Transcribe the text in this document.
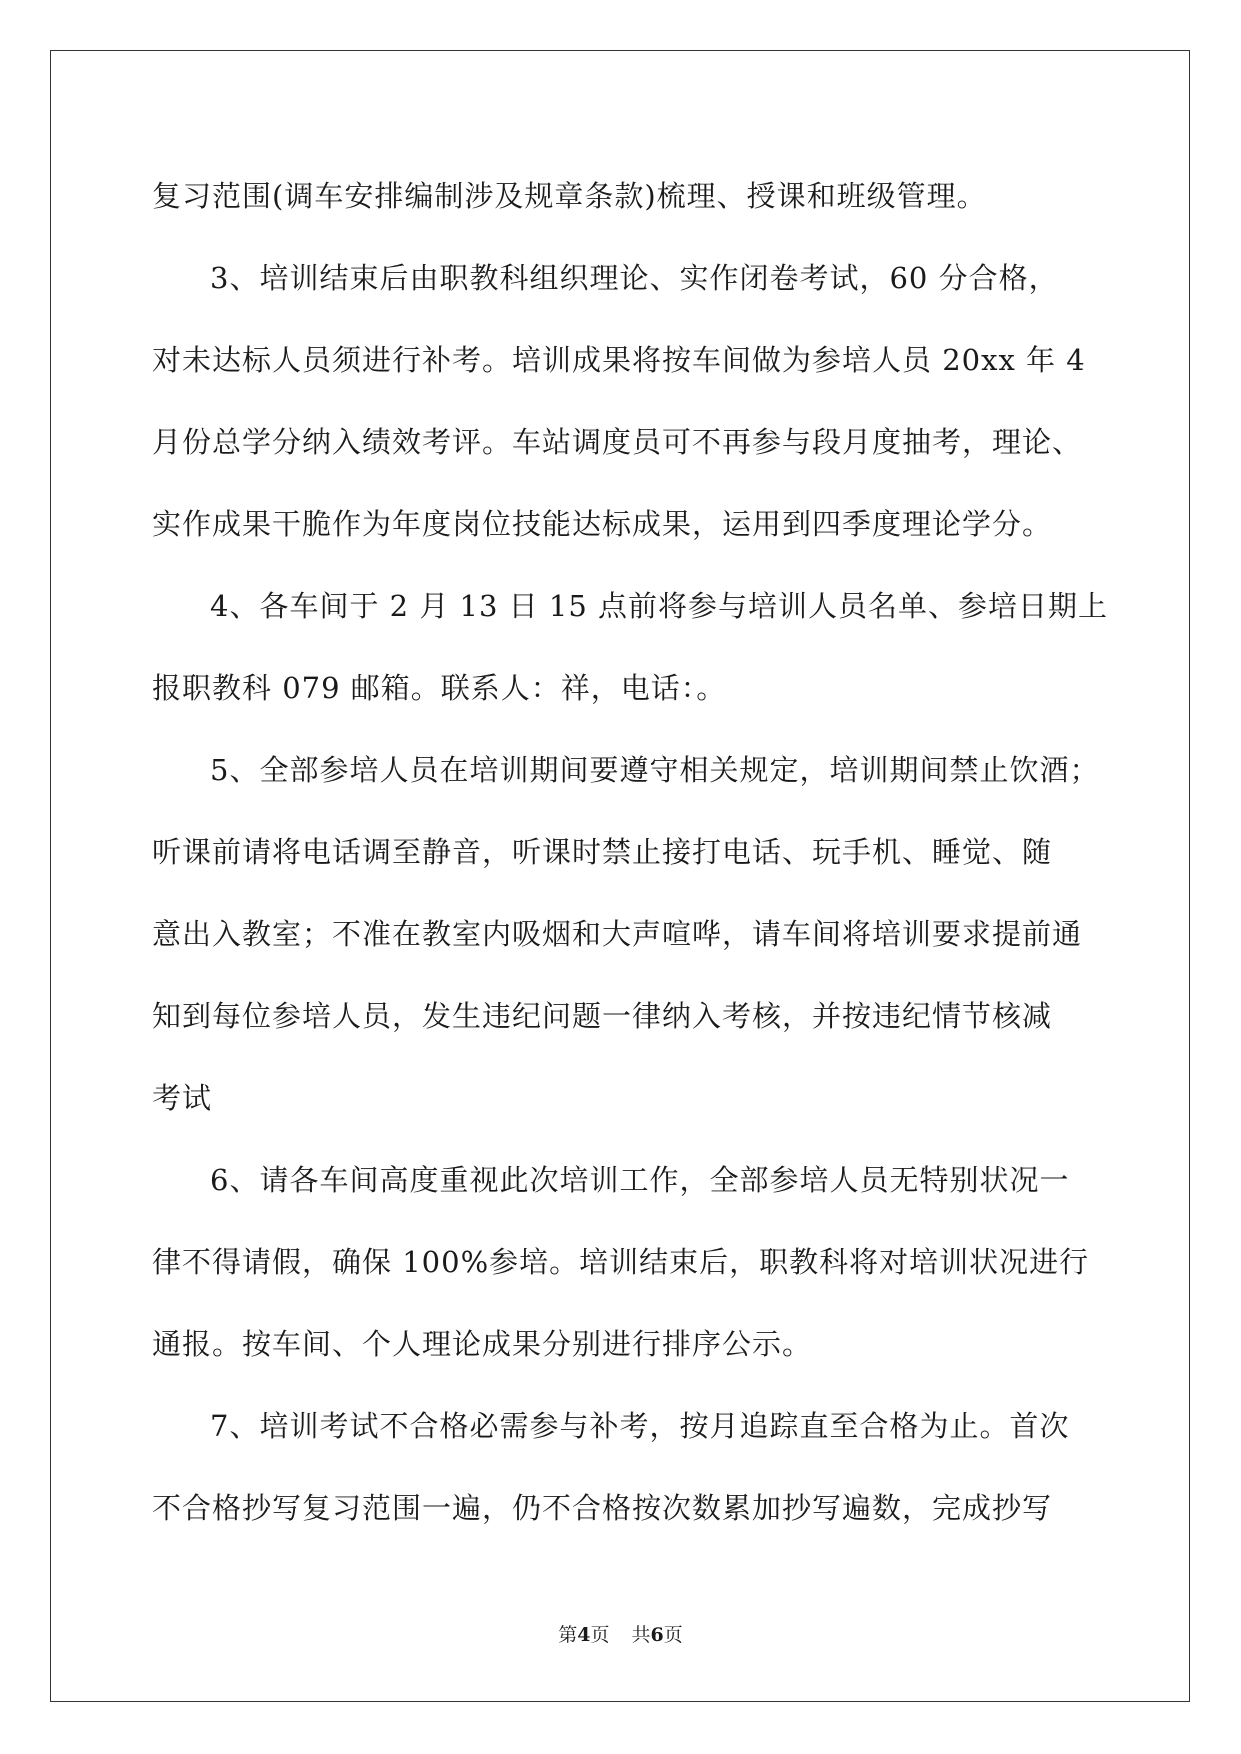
复习范围(调车安排编制涉及规章条款)梳理、授课和班级管理。
3、培训结束后由职教科组织理论、实作闭卷考试，60 分合格，
对未达标人员须进行补考。培训成果将按车间做为参培人员 20xx 年 4
月份总学分纳入绩效考评。车站调度员可不再参与段月度抽考，理论、
实作成果干脆作为年度岗位技能达标成果，运用到四季度理论学分。
4、各车间于 2 月 13 日 15 点前将参与培训人员名单、参培日期上
报职教科 079 邮箱。联系人：祥，电话：。
5、全部参培人员在培训期间要遵守相关规定，培训期间禁止饮酒；
听课前请将电话调至静音，听课时禁止接打电话、玩手机、睡觉、随
意出入教室；不准在教室内吸烟和大声喧哗，请车间将培训要求提前通
知到每位参培人员，发生违纪问题一律纳入考核，并按违纪情节核减
考试
6、请各车间高度重视此次培训工作，全部参培人员无特别状况一
律不得请假，确保 100%参培。培训结束后，职教科将对培训状况进行
通报。按车间、个人理论成果分别进行排序公示。
7、培训考试不合格必需参与补考，按月追踪直至合格为止。首次
不合格抄写复习范围一遍，仍不合格按次数累加抄写遍数，完成抄写
第4页 共6页
